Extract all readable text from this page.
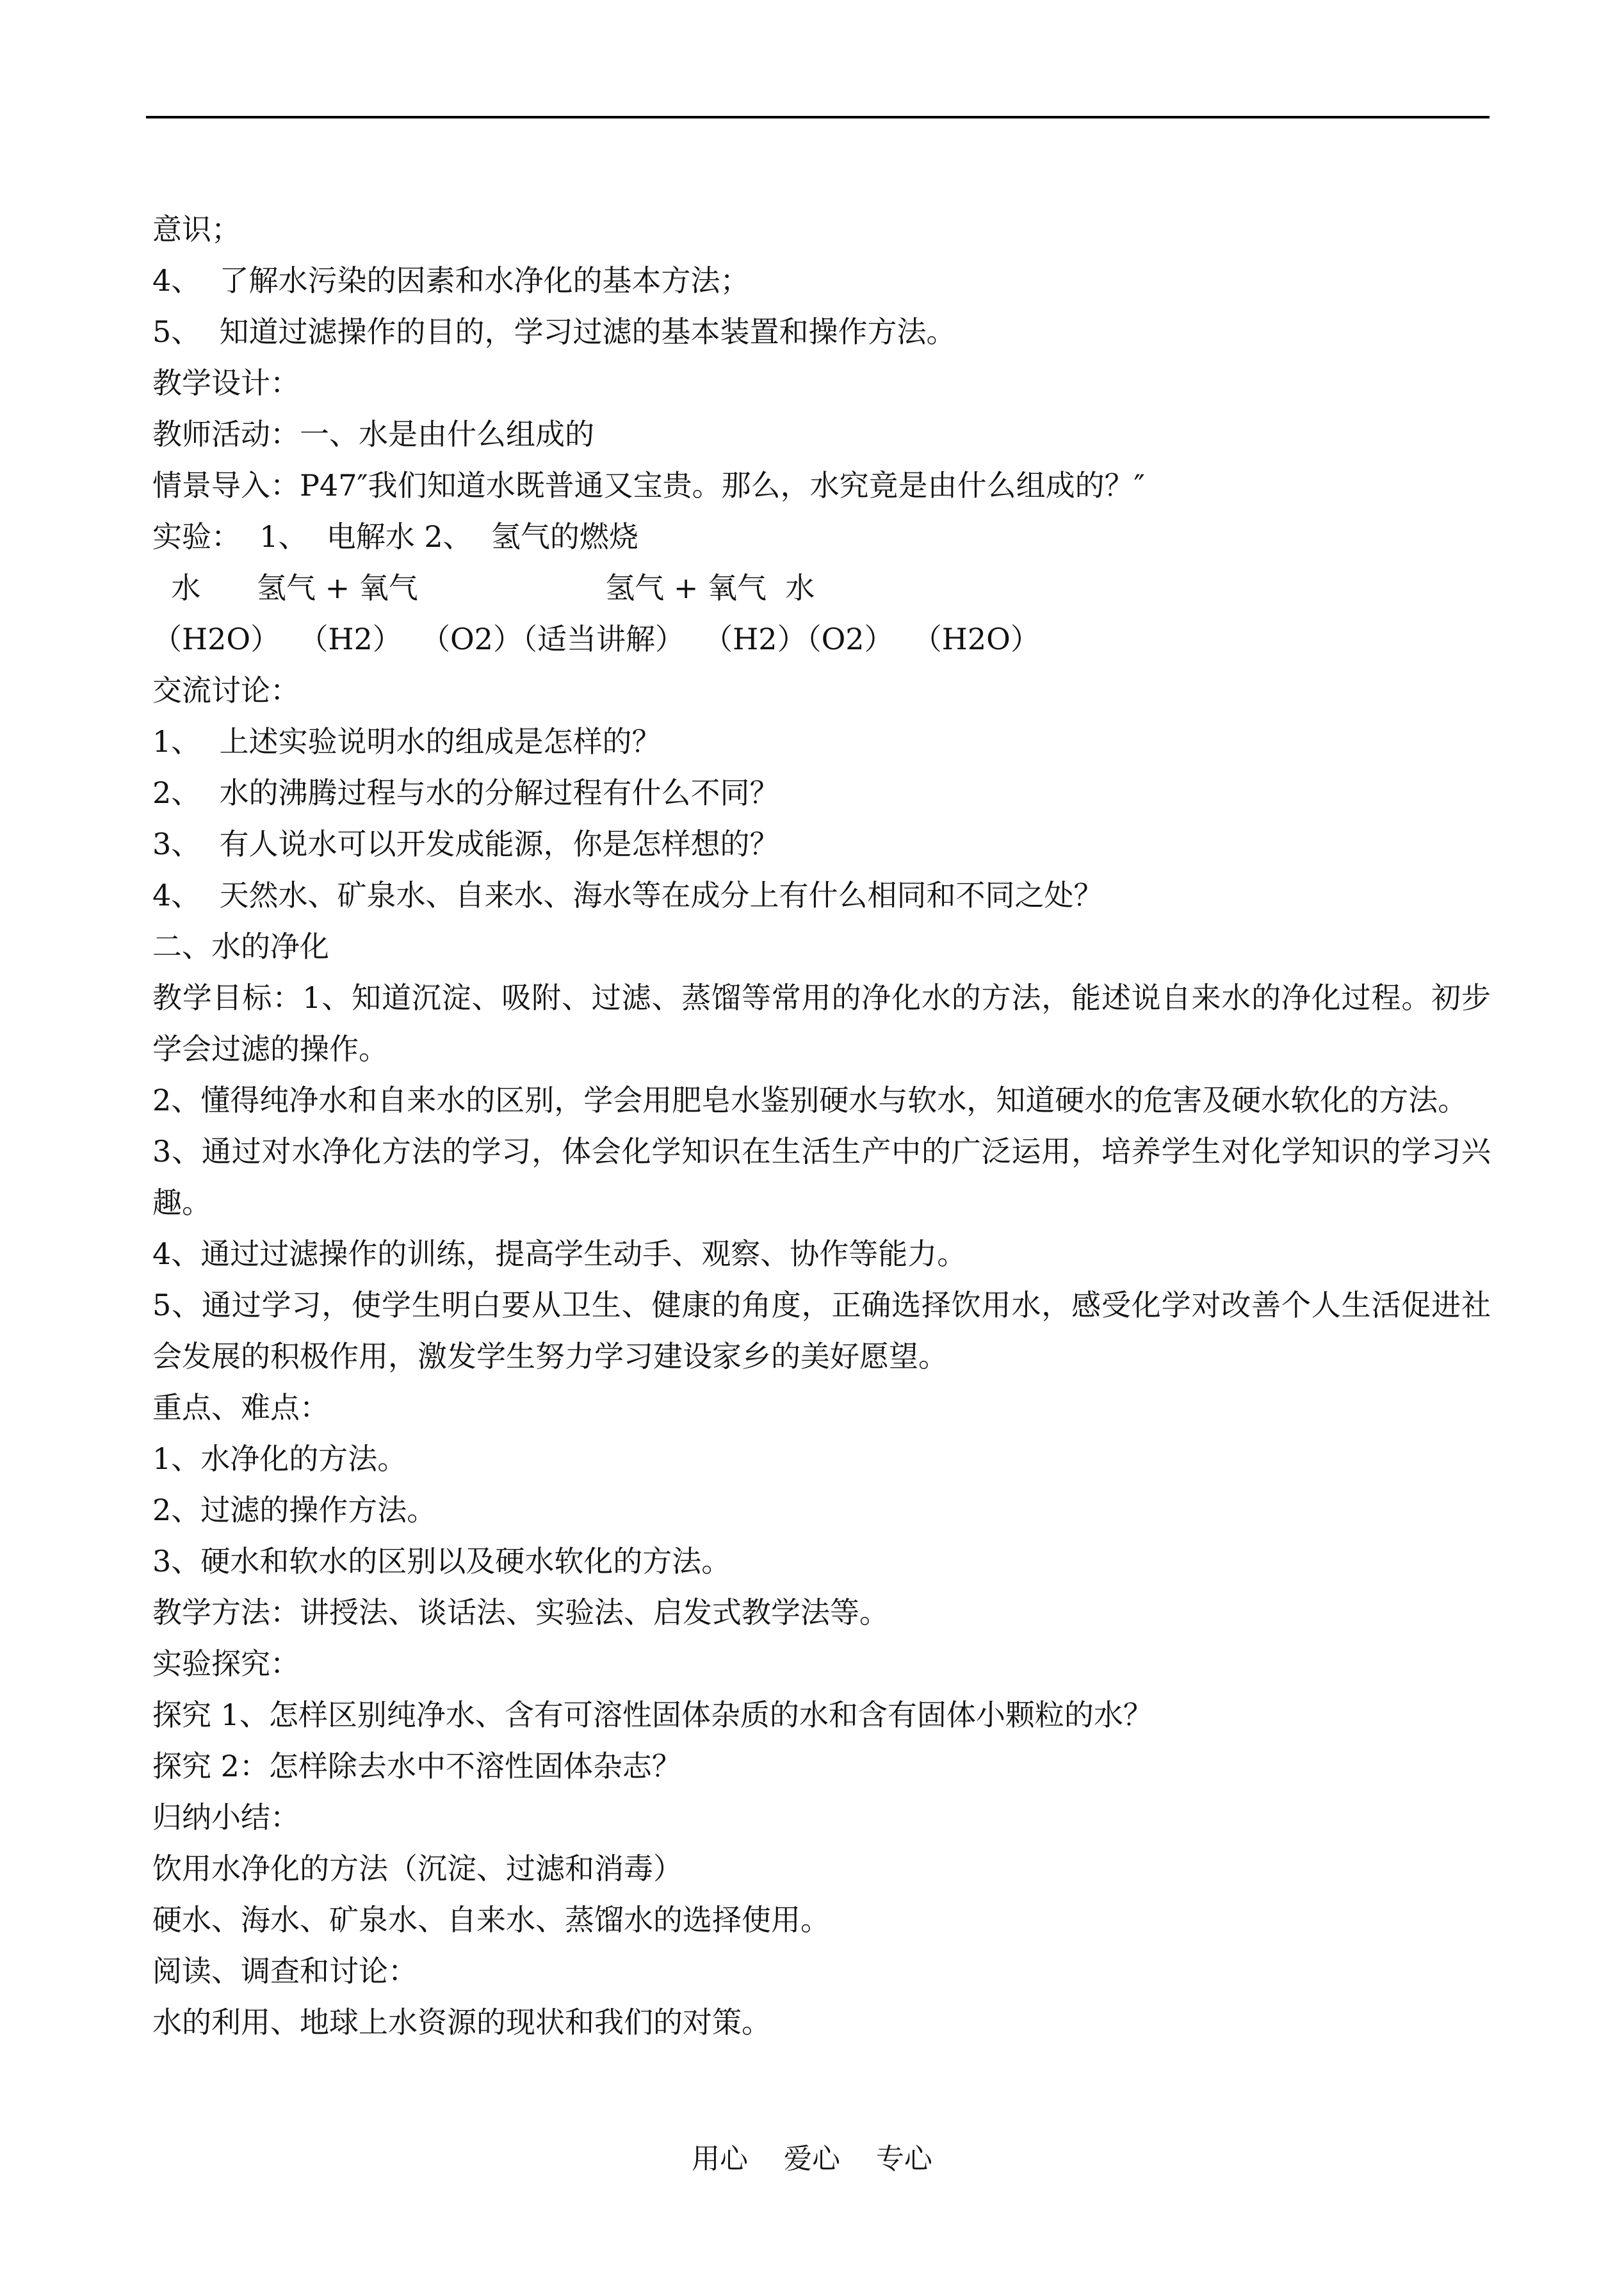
意识；
4、  了解水污染的因素和水净化的基本方法；
5、  知道过滤操作的目的，学习过滤的基本装置和操作方法。
教学设计：
教师活动：一、水是由什么组成的
情景导入：P47″我们知道水既普通又宝贵。那么，水究竟是由什么组成的？″
实验：  1、  电解水 2、  氢气的燃烧
水      氢气 + 氧气                    氢气 + 氧气  水
（H2O）  （H2）  （O2）（适当讲解）  （H2）（O2）  （H2O）
交流讨论：
1、  上述实验说明水的组成是怎样的？
2、  水的沸腾过程与水的分解过程有什么不同？
3、  有人说水可以开发成能源，你是怎样想的？
4、  天然水、矿泉水、自来水、海水等在成分上有什么相同和不同之处？
二、水的净化
教学目标：1、知道沉淀、吸附、过滤、蒸馏等常用的净化水的方法，能述说自来水的净化过程。初步学会过滤的操作。
2、懂得纯净水和自来水的区别，学会用肥皂水鉴别硬水与软水，知道硬水的危害及硬水软化的方法。
3、通过对水净化方法的学习，体会化学知识在生活生产中的广泛运用，培养学生对化学知识的学习兴趣。
4、通过过滤操作的训练，提高学生动手、观察、协作等能力。
5、通过学习，使学生明白要从卫生、健康的角度，正确选择饮用水，感受化学对改善个人生活促进社会发展的积极作用，激发学生努力学习建设家乡的美好愿望。
重点、难点：
1、水净化的方法。
2、过滤的操作方法。
3、硬水和软水的区别以及硬水软化的方法。
教学方法：讲授法、谈话法、实验法、启发式教学法等。
实验探究：
探究 1、怎样区别纯净水、含有可溶性固体杂质的水和含有固体小颗粒的水？
探究 2：怎样除去水中不溶性固体杂志？
归纳小结：
饮用水净化的方法（沉淀、过滤和消毒）
硬水、海水、矿泉水、自来水、蒸馏水的选择使用。
阅读、调查和讨论：
水的利用、地球上水资源的现状和我们的对策。
用心    爱心    专心
